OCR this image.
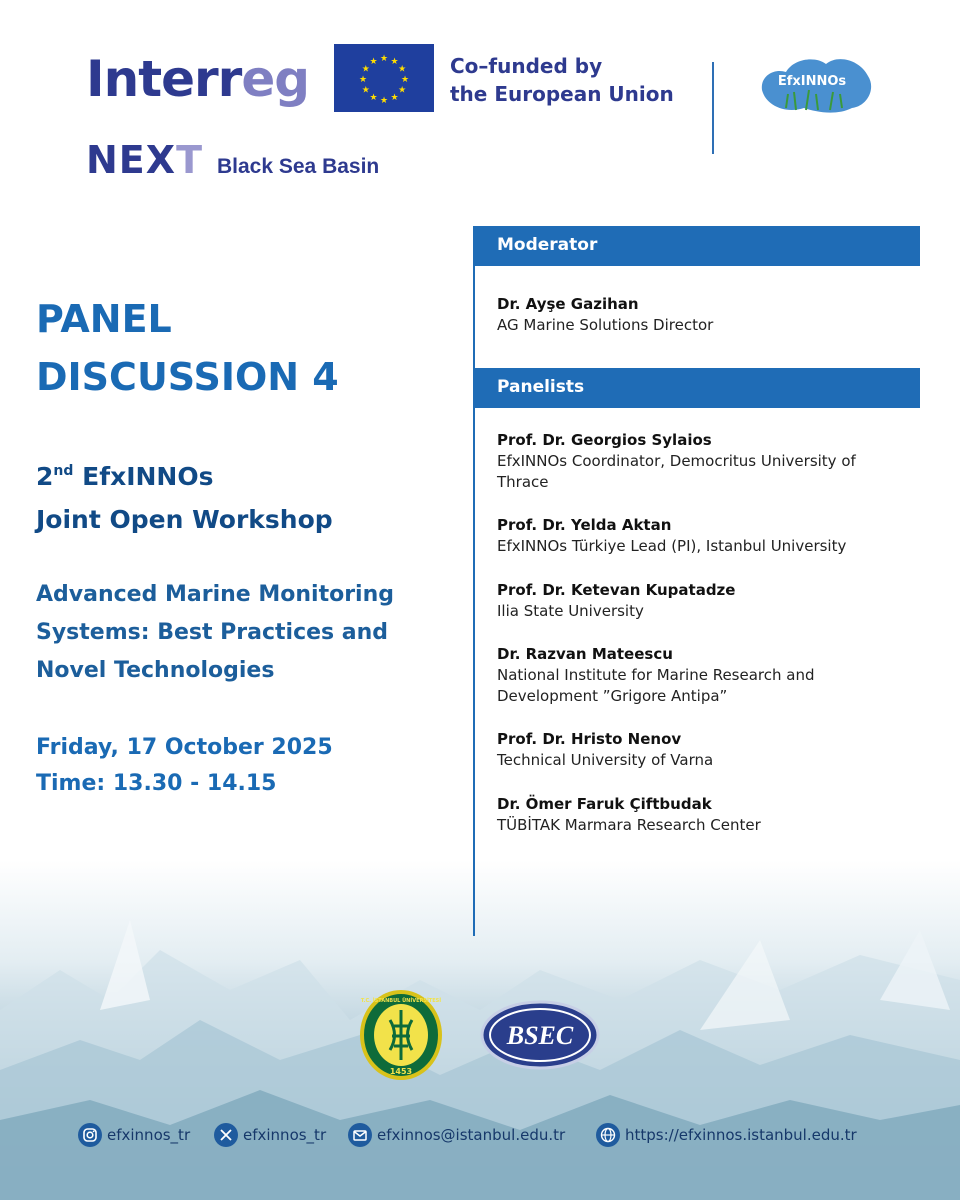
Interreg
NEXT Black Sea Basin
★ ★
★
★
★
★
★
★
★
★
★
★	Co–funded by
the European Union
EfxINNOs
PANEL
DISCUSSION 4
2nd EfxINNOs
Joint Open Workshop
Advanced Marine Monitoring
Systems: Best Practices and
Novel Technologies
Friday, 17 October 2025
Time: 13.30 - 14.15
Moderator
Dr. Ayşe Gazihan
AG Marine Solutions Director
Panelists
Prof. Dr. Georgios Sylaios
EfxINNOs Coordinator, Democritus University of
Thrace
Prof. Dr. Yelda Aktan
EfxINNOs Türkiye Lead (PI), Istanbul University
Prof. Dr. Ketevan Kupatadze
Ilia State University
Dr. Razvan Mateescu
National Institute for Marine Research and
Development ”Grigore Antipa”
Prof. Dr. Hristo Nenov
Technical University of Varna
Dr. Ömer Faruk Çiftbudak
TÜBİTAK Marmara Research Center
1453
T.C. İSTANBUL ÜNİVERSİTESİ
BSEC
efxinnos_tr	efxinnos_tr	efxinnos@istanbul.edu.tr	https://efxinnos.istanbul.edu.tr
